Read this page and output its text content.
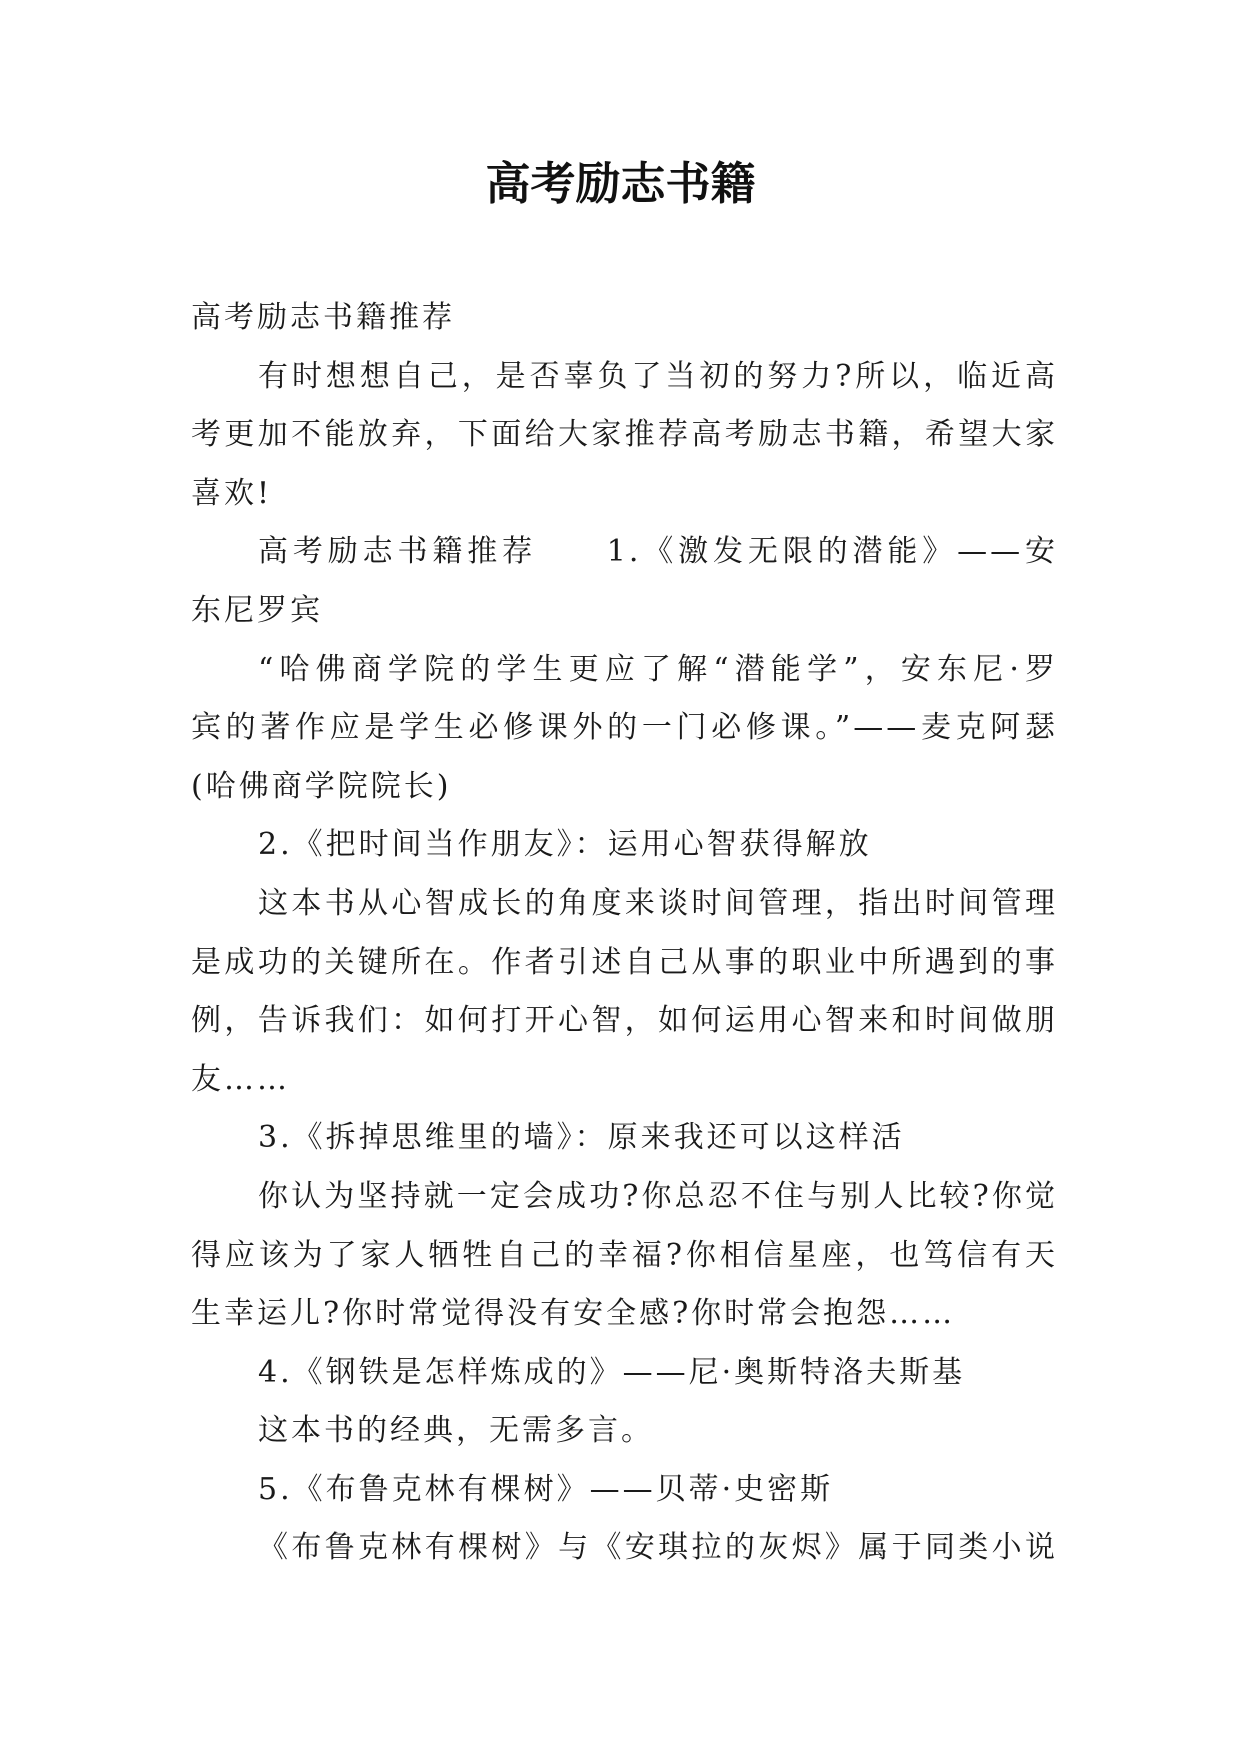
高考励志书籍
高考励志书籍推荐
有时想想自己，是否辜负了当初的努力?所以，临近高
考更加不能放弃，下面给大家推荐高考励志书籍，希望大家
喜欢!
高考励志书籍推荐　　1.《激发无限的潜能》——安
东尼罗宾
“哈佛商学院的学生更应了解“潜能学”，安东尼·罗
宾的著作应是学生必修课外的一门必修课。”——麦克阿瑟
(哈佛商学院院长)
2.《把时间当作朋友》：运用心智获得解放
这本书从心智成长的角度来谈时间管理，指出时间管理
是成功的关键所在。作者引述自己从事的职业中所遇到的事
例，告诉我们：如何打开心智，如何运用心智来和时间做朋
友……
3.《拆掉思维里的墙》：原来我还可以这样活
你认为坚持就一定会成功?你总忍不住与别人比较?你觉
得应该为了家人牺牲自己的幸福?你相信星座，也笃信有天
生幸运儿?你时常觉得没有安全感?你时常会抱怨……
4.《钢铁是怎样炼成的》——尼·奥斯特洛夫斯基
这本书的经典，无需多言。
5.《布鲁克林有棵树》——贝蒂·史密斯
《布鲁克林有棵树》与《安琪拉的灰烬》属于同类小说
